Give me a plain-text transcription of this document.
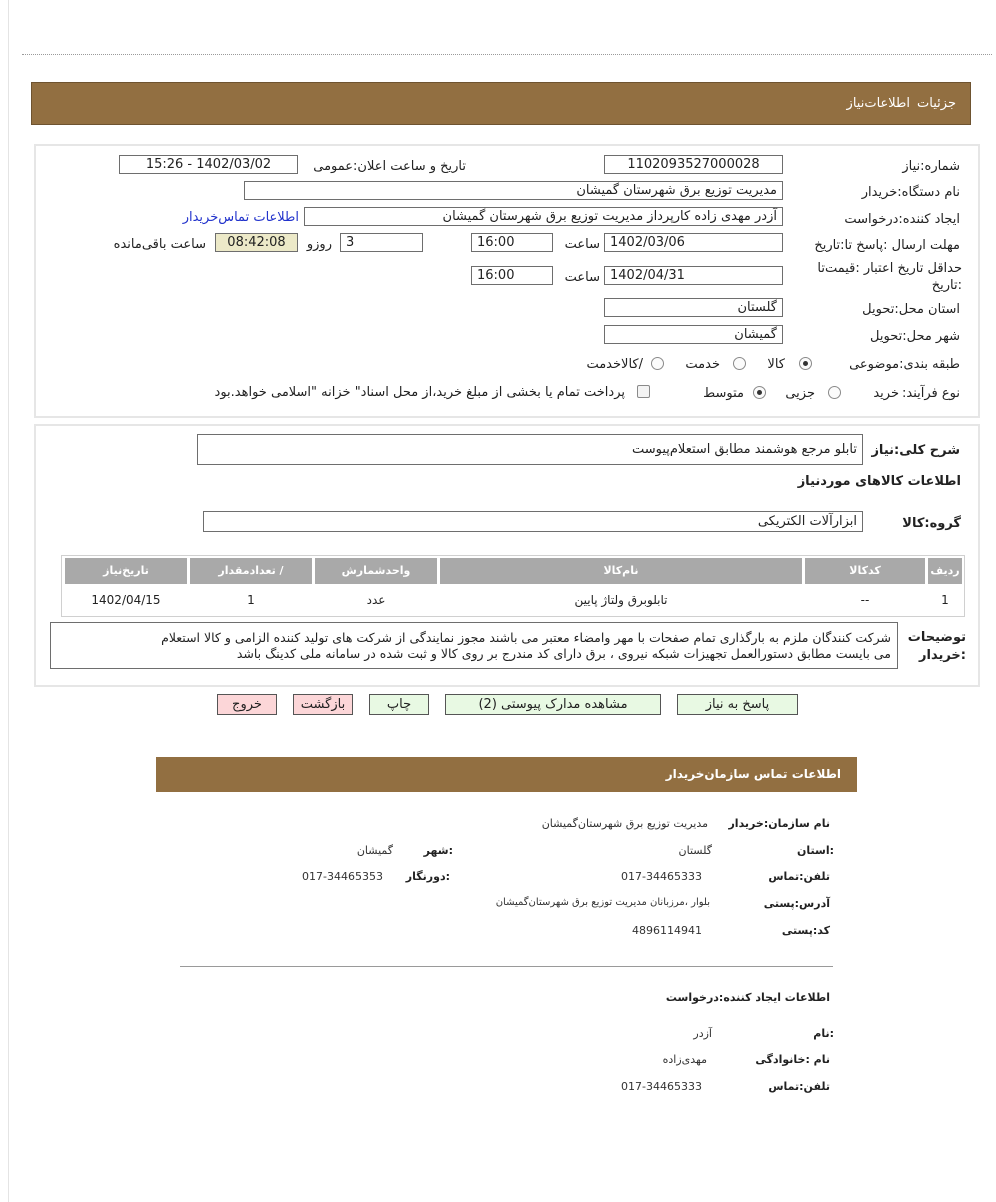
جزئیات
اطلاعات‌نیاز
شماره:نیاز
1102093527000028
تاریخ و ساعت اعلان:عمومی
1402/03/02 - 15:26
نام دستگاه:خریدار
مدیریت توزیع برق شهرستان گمیشان
ایجاد کننده:درخواست
آزدر مهدی زاده کارپرداز مدیریت توزیع برق شهرستان گمیشان
اطلاعات تماس‌خریدار
مهلت ارسال :پاسخ تا:تاریخ
1402/03/06
ساعت
16:00
3
روزو
08:42:08
ساعت باقی‌مانده
حداقل تاریخ اعتبار :قیمت‌تا
:تاریخ
1402/04/31
ساعت
16:00
استان محل:تحویل
گلستان
شهر محل:تحویل
گمیشان
طبقه بندی:موضوعی
کالا
خدمت
/کالاخدمت
نوع فرآیند:
خرید
جزیی
متوسط
پرداخت تمام یا بخشی از مبلغ خرید،از محل اسناد" خزانه "اسلامی خواهد.بود
شرح کلی:نیاز
تابلو مرجع هوشمند مطابق استعلام‌پیوست
اطلاعات کالاهای موردنیاز
گروه:کالا
ابزارآلات الکتریکی
ردیف
کدکالا
نام‌کالا
واحدشمارش
/ تعدادمقدار
تاریخ‌نیاز
1
--
تابلوبرق ولتاژ پایین
عدد
1
1402/04/15
توضیحات
:خریدار
شرکت کنندگان ملزم به بارگذاری تمام صفحات با مهر وامضاء معتبر می باشند مجوز نمایندگی از شرکت های تولید کننده الزامی و کالا استعلام
می بایست مطابق دستورالعمل تجهیزات شبکه نیروی ، برق دارای کد مندرج بر روی کالا و ثبت شده در سامانه ملی کدینگ باشد
پاسخ به نیاز
مشاهده مدارک پیوستی (2)
چاپ
بازگشت
خروج
اطلاعات تماس سازمان‌خریدار
نام سازمان:خریدار
مدیریت توزیع برق شهرستان‌گمیشان
:استان
گلستان
:شهر
گمیشان
تلفن:تماس
017-34465333
:دورنگار
017-34465353
آدرس:پستی
بلوار ،مرزبانان مدیریت توزیع برق شهرستان‌گمیشان
کد:پستی
4896114941
اطلاعات ایجاد کننده:درخواست
:نام
آزدر
نام :خانوادگی
مهدی‌زاده
تلفن:تماس
017-34465333
